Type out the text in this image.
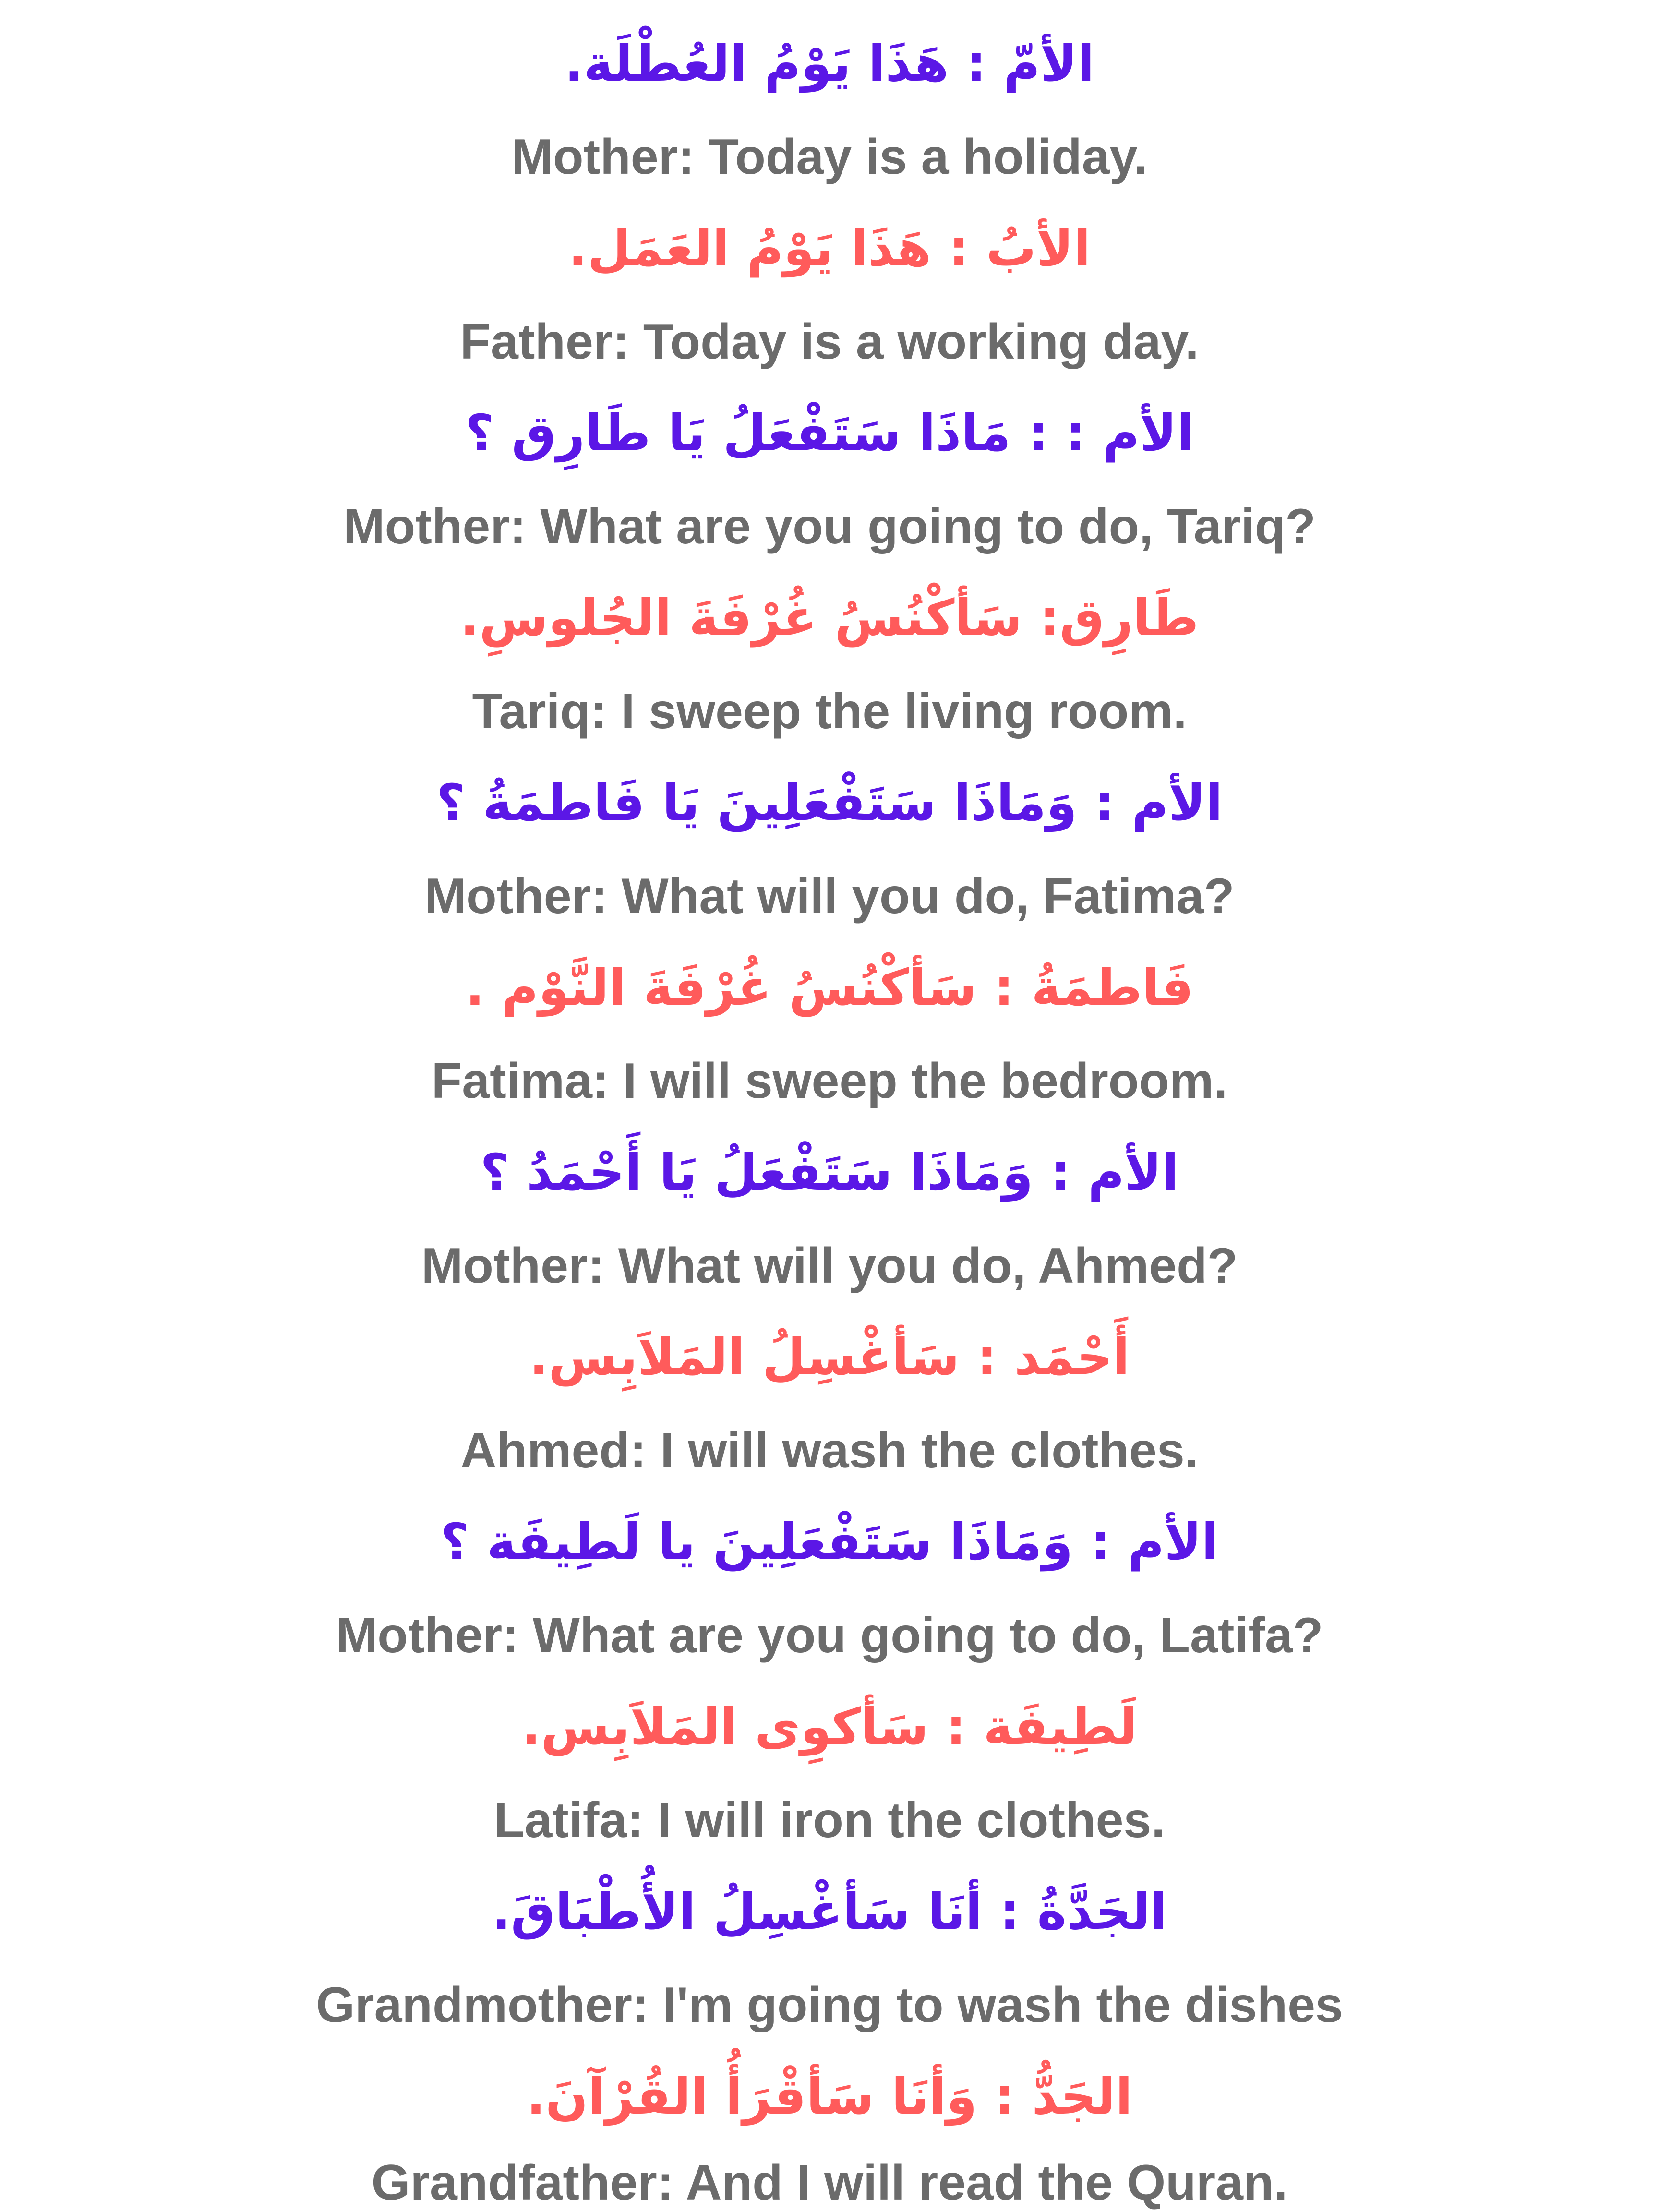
الأمّ : هَذَا يَوْمُ العُطْلَة.
Mother: Today is a holiday.
الأبُ : هَذَا يَوْمُ العَمَل.
Father: Today is a working day.
الأم : : مَاذَا سَتَفْعَلُ يَا طَارِق ؟
Mother: What are you going to do, Tariq?
طَارِق: سَأكْنُسُ غُرْفَةَ الجُلوسِ.
Tariq: I sweep the living room.
الأم : وَمَاذَا سَتَفْعَلِينَ يَا فَاطمَةُ ؟
Mother: What will you do, Fatima?
فَاطمَةُ : سَأكْنُسُ غُرْفَةَ النَّوْم .
Fatima: I will sweep the bedroom.
الأم : وَمَاذَا سَتَفْعَلُ يَا أَحْمَدُ ؟
Mother: What will you do, Ahmed?
أَحْمَد : سَأغْسِلُ المَلاَبِس.
Ahmed: I will wash the clothes.
الأم : وَمَاذَا سَتَفْعَلِينَ يا لَطِيفَة ؟
Mother: What are you going to do, Latifa?
لَطِيفَة : سَأكوِى المَلاَبِس.
Latifa: I will iron the clothes.
الجَدَّةُ : أنَا سَأغْسِلُ الأُطْبَاقَ.
Grandmother: I'm going to wash the dishes
الجَدُّ : وَأنَا سَأقْرَأُ القُرْآنَ.
Grandfather: And I will read the Quran.
